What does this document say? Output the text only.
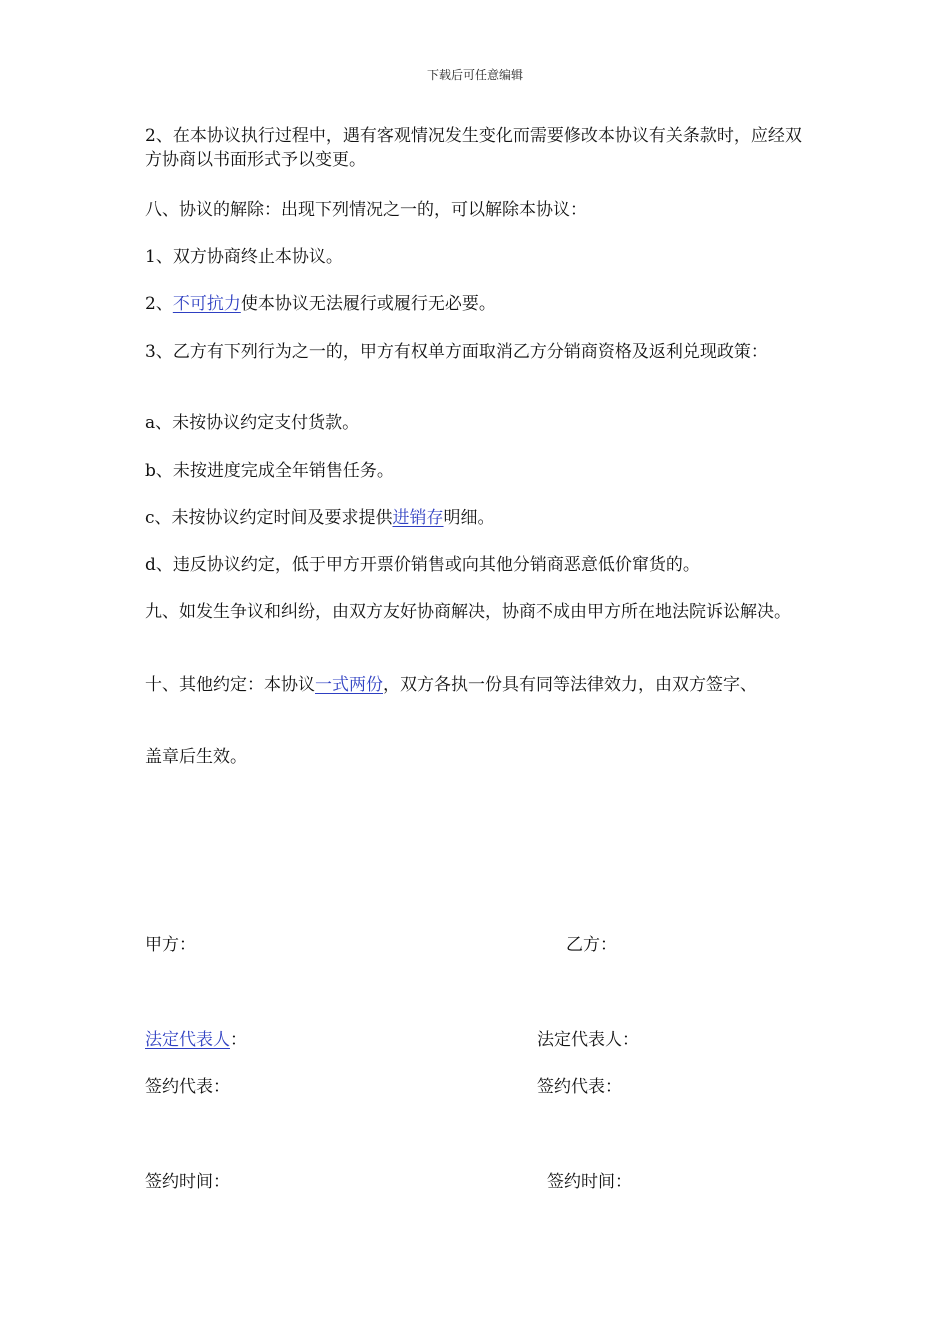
下载后可任意编辑

2、在本协议执行过程中，遇有客观情况发生变化而需要修改本协议有关条款时，应经双方协商以书面形式予以变更。

八、协议的解除：出现下列情况之一的，可以解除本协议：

1、双方协商终止本协议。

2、不可抗力使本协议无法履行或履行无必要。

3、乙方有下列行为之一的，甲方有权单方面取消乙方分销商资格及返利兑现政策：

a、未按协议约定支付货款。

b、未按进度完成全年销售任务。

c、未按协议约定时间及要求提供进销存明细。

d、违反协议约定，低于甲方开票价销售或向其他分销商恶意低价窜货的。

九、如发生争议和纠纷，由双方友好协商解决，协商不成由甲方所在地法院诉讼解决。

十、其他约定：本协议一式两份，双方各执一份具有同等法律效力，由双方签字、

盖章后生效。

甲方：	乙方：
法定代表人：	法定代表人：
签约代表：	签约代表：
签约时间：	签约时间：
